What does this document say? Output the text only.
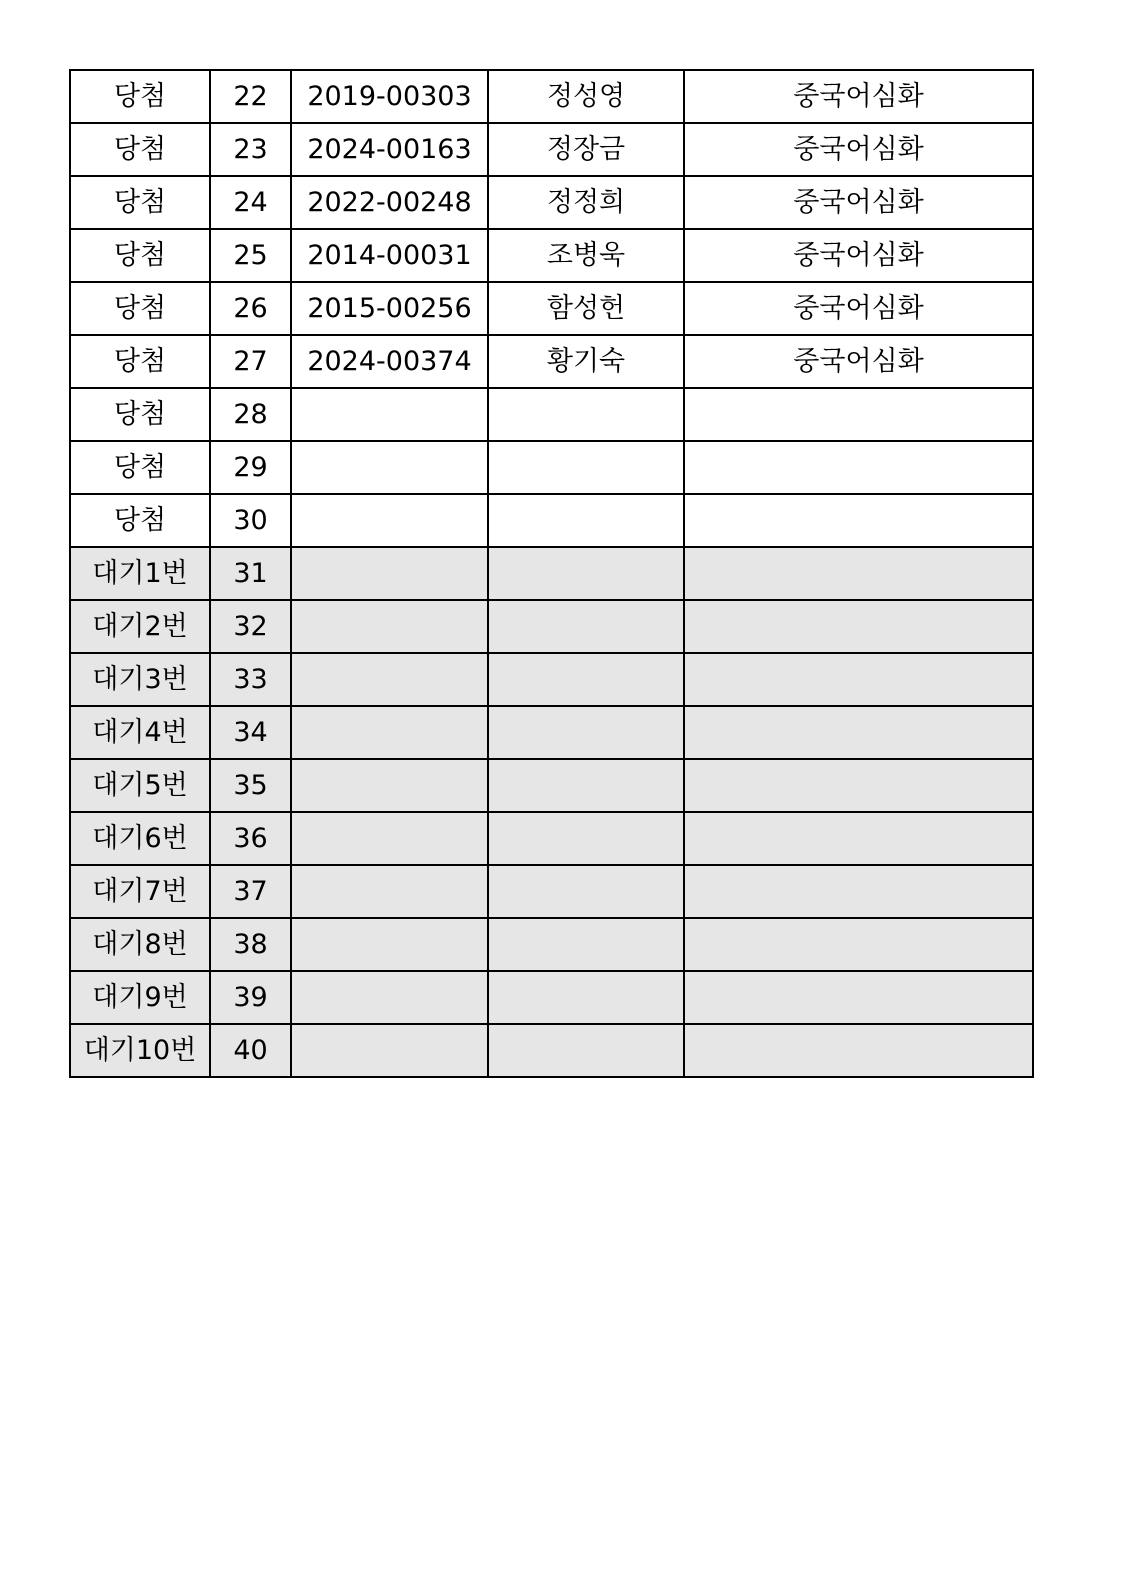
당첨	22	2019-00303	정성영	중국어심화
당첨	23	2024-00163	정장금	중국어심화
당첨	24	2022-00248	정정희	중국어심화
당첨	25	2014-00031	조병욱	중국어심화
당첨	26	2015-00256	함성헌	중국어심화
당첨	27	2024-00374	황기숙	중국어심화
당첨	28			
당첨	29			
당첨	30			
대기1번	31			
대기2번	32			
대기3번	33			
대기4번	34			
대기5번	35			
대기6번	36			
대기7번	37			
대기8번	38			
대기9번	39			
대기10번	40			
